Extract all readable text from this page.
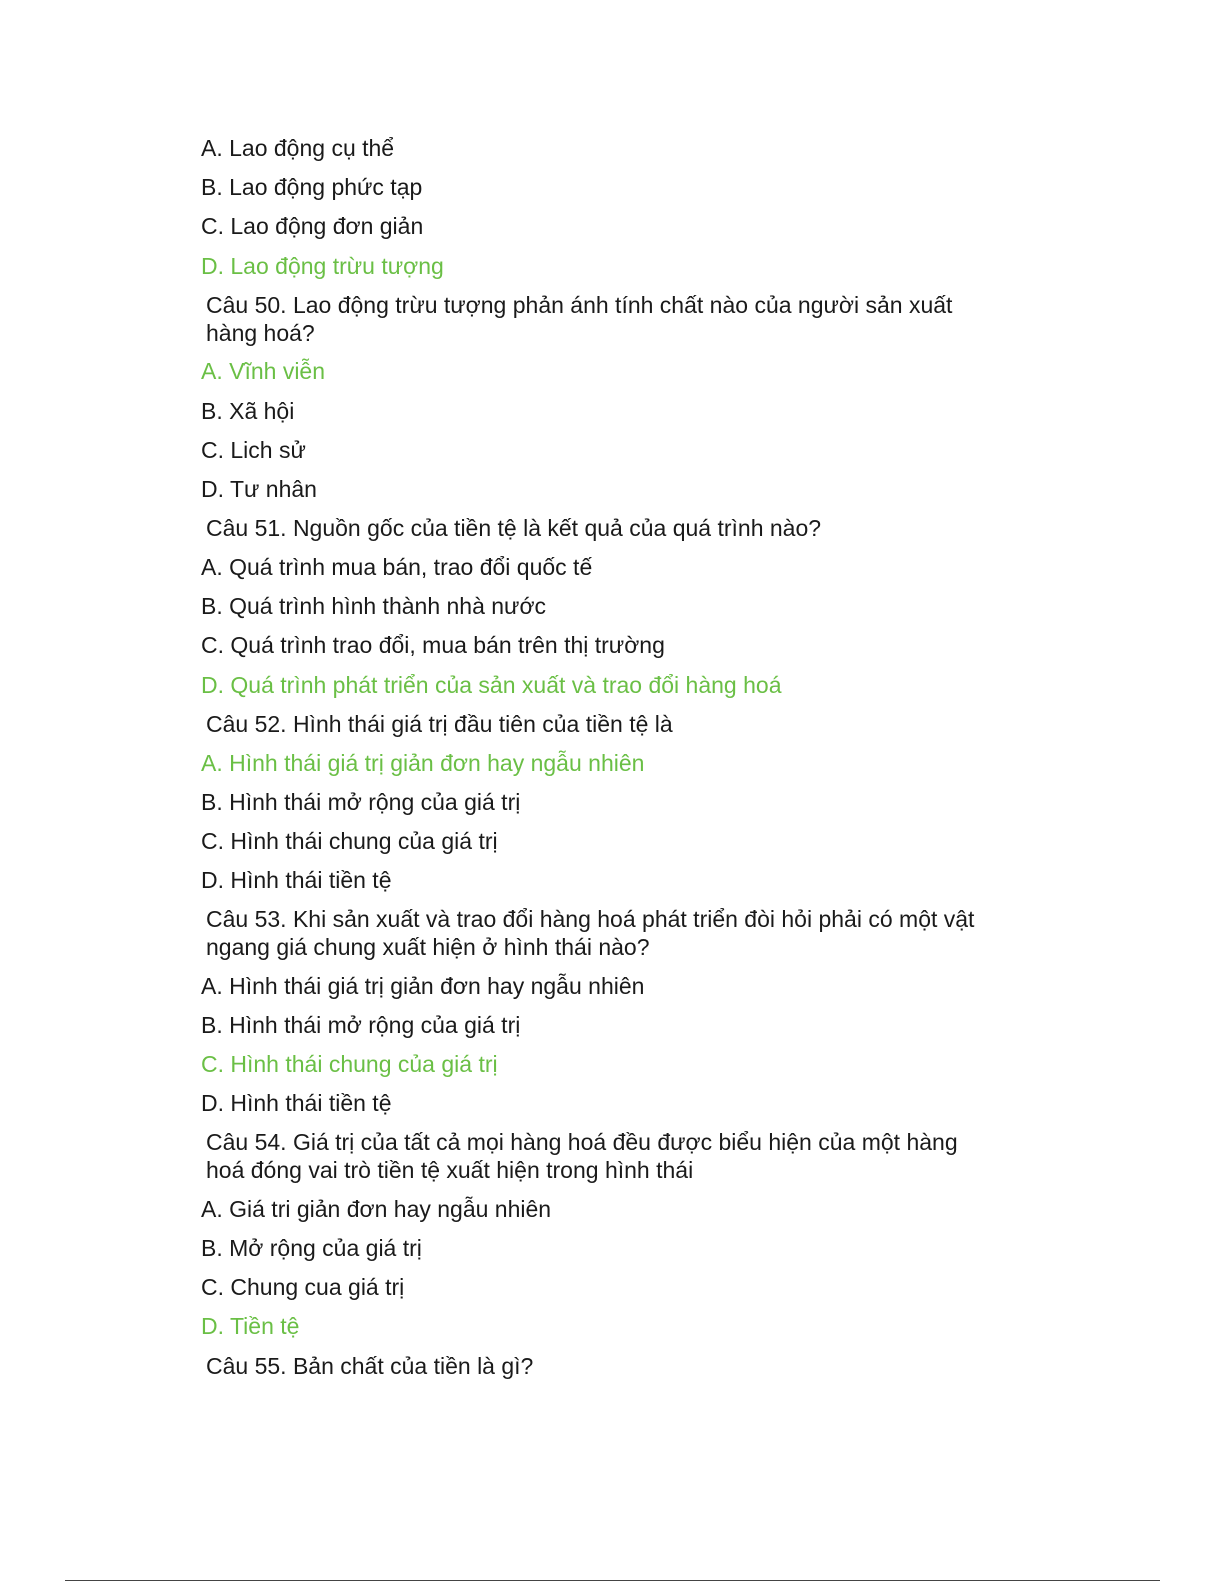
A. Lao động cụ thể
B. Lao động phức tạp
C. Lao động đơn giản
D. Lao động trừu tượng
Câu 50. Lao động trừu tượng phản ánh tính chất nào của người sản xuất
hàng hoá?
A. Vĩnh viễn
B. Xã hội
C. Lich sử
D. Tư nhân
Câu 51. Nguồn gốc của tiền tệ là kết quả của quá trình nào?
A. Quá trình mua bán, trao đổi quốc tế
B. Quá trình hình thành nhà nước
C. Quá trình trao đổi, mua bán trên thị trường
D. Quá trình phát triển của sản xuất và trao đổi hàng hoá
Câu 52. Hình thái giá trị đầu tiên của tiền tệ là
A. Hình thái giá trị giản đơn hay ngẫu nhiên
B. Hình thái mở rộng của giá trị
C. Hình thái chung của giá trị
D. Hình thái tiền tệ
Câu 53. Khi sản xuất và trao đổi hàng hoá phát triển đòi hỏi phải có một vật
ngang giá chung xuất hiện ở hình thái nào?
A. Hình thái giá trị giản đơn hay ngẫu nhiên
B. Hình thái mở rộng của giá trị
C. Hình thái chung của giá trị
D. Hình thái tiền tệ
Câu 54. Giá trị của tất cả mọi hàng hoá đều được biểu hiện của một hàng
hoá đóng vai trò tiền tệ xuất hiện trong hình thái
A. Giá tri giản đơn hay ngẫu nhiên
B. Mở rộng của giá trị
C. Chung cua giá trị
D. Tiền tệ
Câu 55. Bản chất của tiền là gì?
